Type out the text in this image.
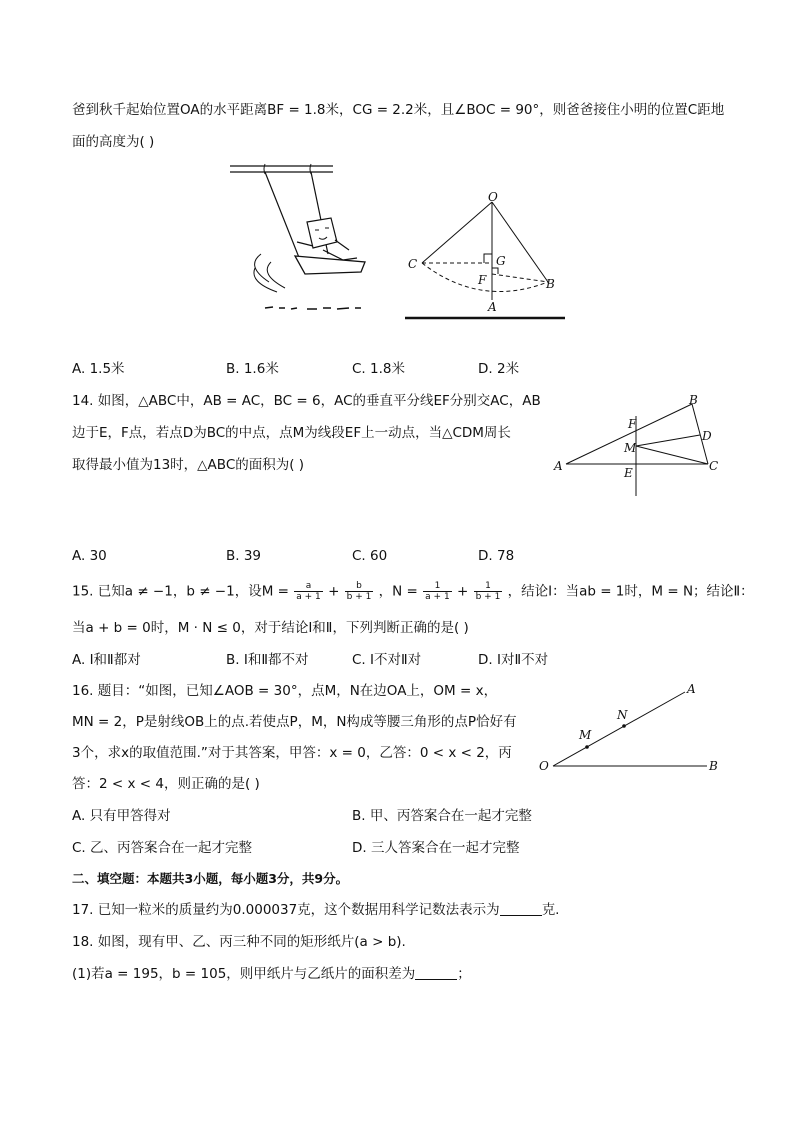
爸到秋千起始位置OA的水平距离BF = 1.8米，CG = 2.2米，且∠BOC = 90°，则爸爸接住小明的位置C距地
面的高度为( )
O
C	G
F	B
A
A. 1.5米	B. 1.6米	C. 1.8米	D. 2米
14. 如图，△ABC中，AB = AC，BC = 6，AC的垂直平分线EF分别交AC，AB
边于E，F点，若点D为BC的中点，点M为线段EF上一动点，当△CDM周长
取得最小值为13时，△ABC的面积为( )
B
F
D
M
A	C
E
A. 30	B. 39	C. 60	D. 78
15. 已知a ≠ −1，b ≠ −1，设$M = \frac{a}{a + 1} + \frac{b}{b + 1}$ ，$N = \frac{1}{a + 1} + \frac{1}{b + 1}$ ，结论Ⅰ：当ab = 1时，M = N；结论Ⅱ：
当a + b = 0时，M · N ≤ 0，对于结论Ⅰ和Ⅱ，下列判断正确的是( )
A. Ⅰ和Ⅱ都对	B. Ⅰ和Ⅱ都不对	C. Ⅰ不对Ⅱ对	D. Ⅰ对Ⅱ不对
16. 题目：“如图，已知∠AOB = 30°，点M，N在边OA上，OM = x，
MN = 2，P是射线OB上的点.若使点P，M，N构成等腰三角形的点P恰好有
3个，求x的取值范围.”对于其答案，甲答：x = 0，乙答：0 < x < 2，丙
答：2 < x < 4，则正确的是( )
O	B
A
M
N
A. 只有甲答得对	B. 甲、丙答案合在一起才完整
C. 乙、丙答案合在一起才完整	D. 三人答案合在一起才完整
二、填空题：本题共3小题，每小题3分，共9分。
17. 已知一粒米的质量约为0.000037克，这个数据用科学记数法表示为	克.
18. 如图，现有甲、乙、丙三种不同的矩形纸片(a > b).
(1)若a = 195，b = 105，则甲纸片与乙纸片的面积差为	；
